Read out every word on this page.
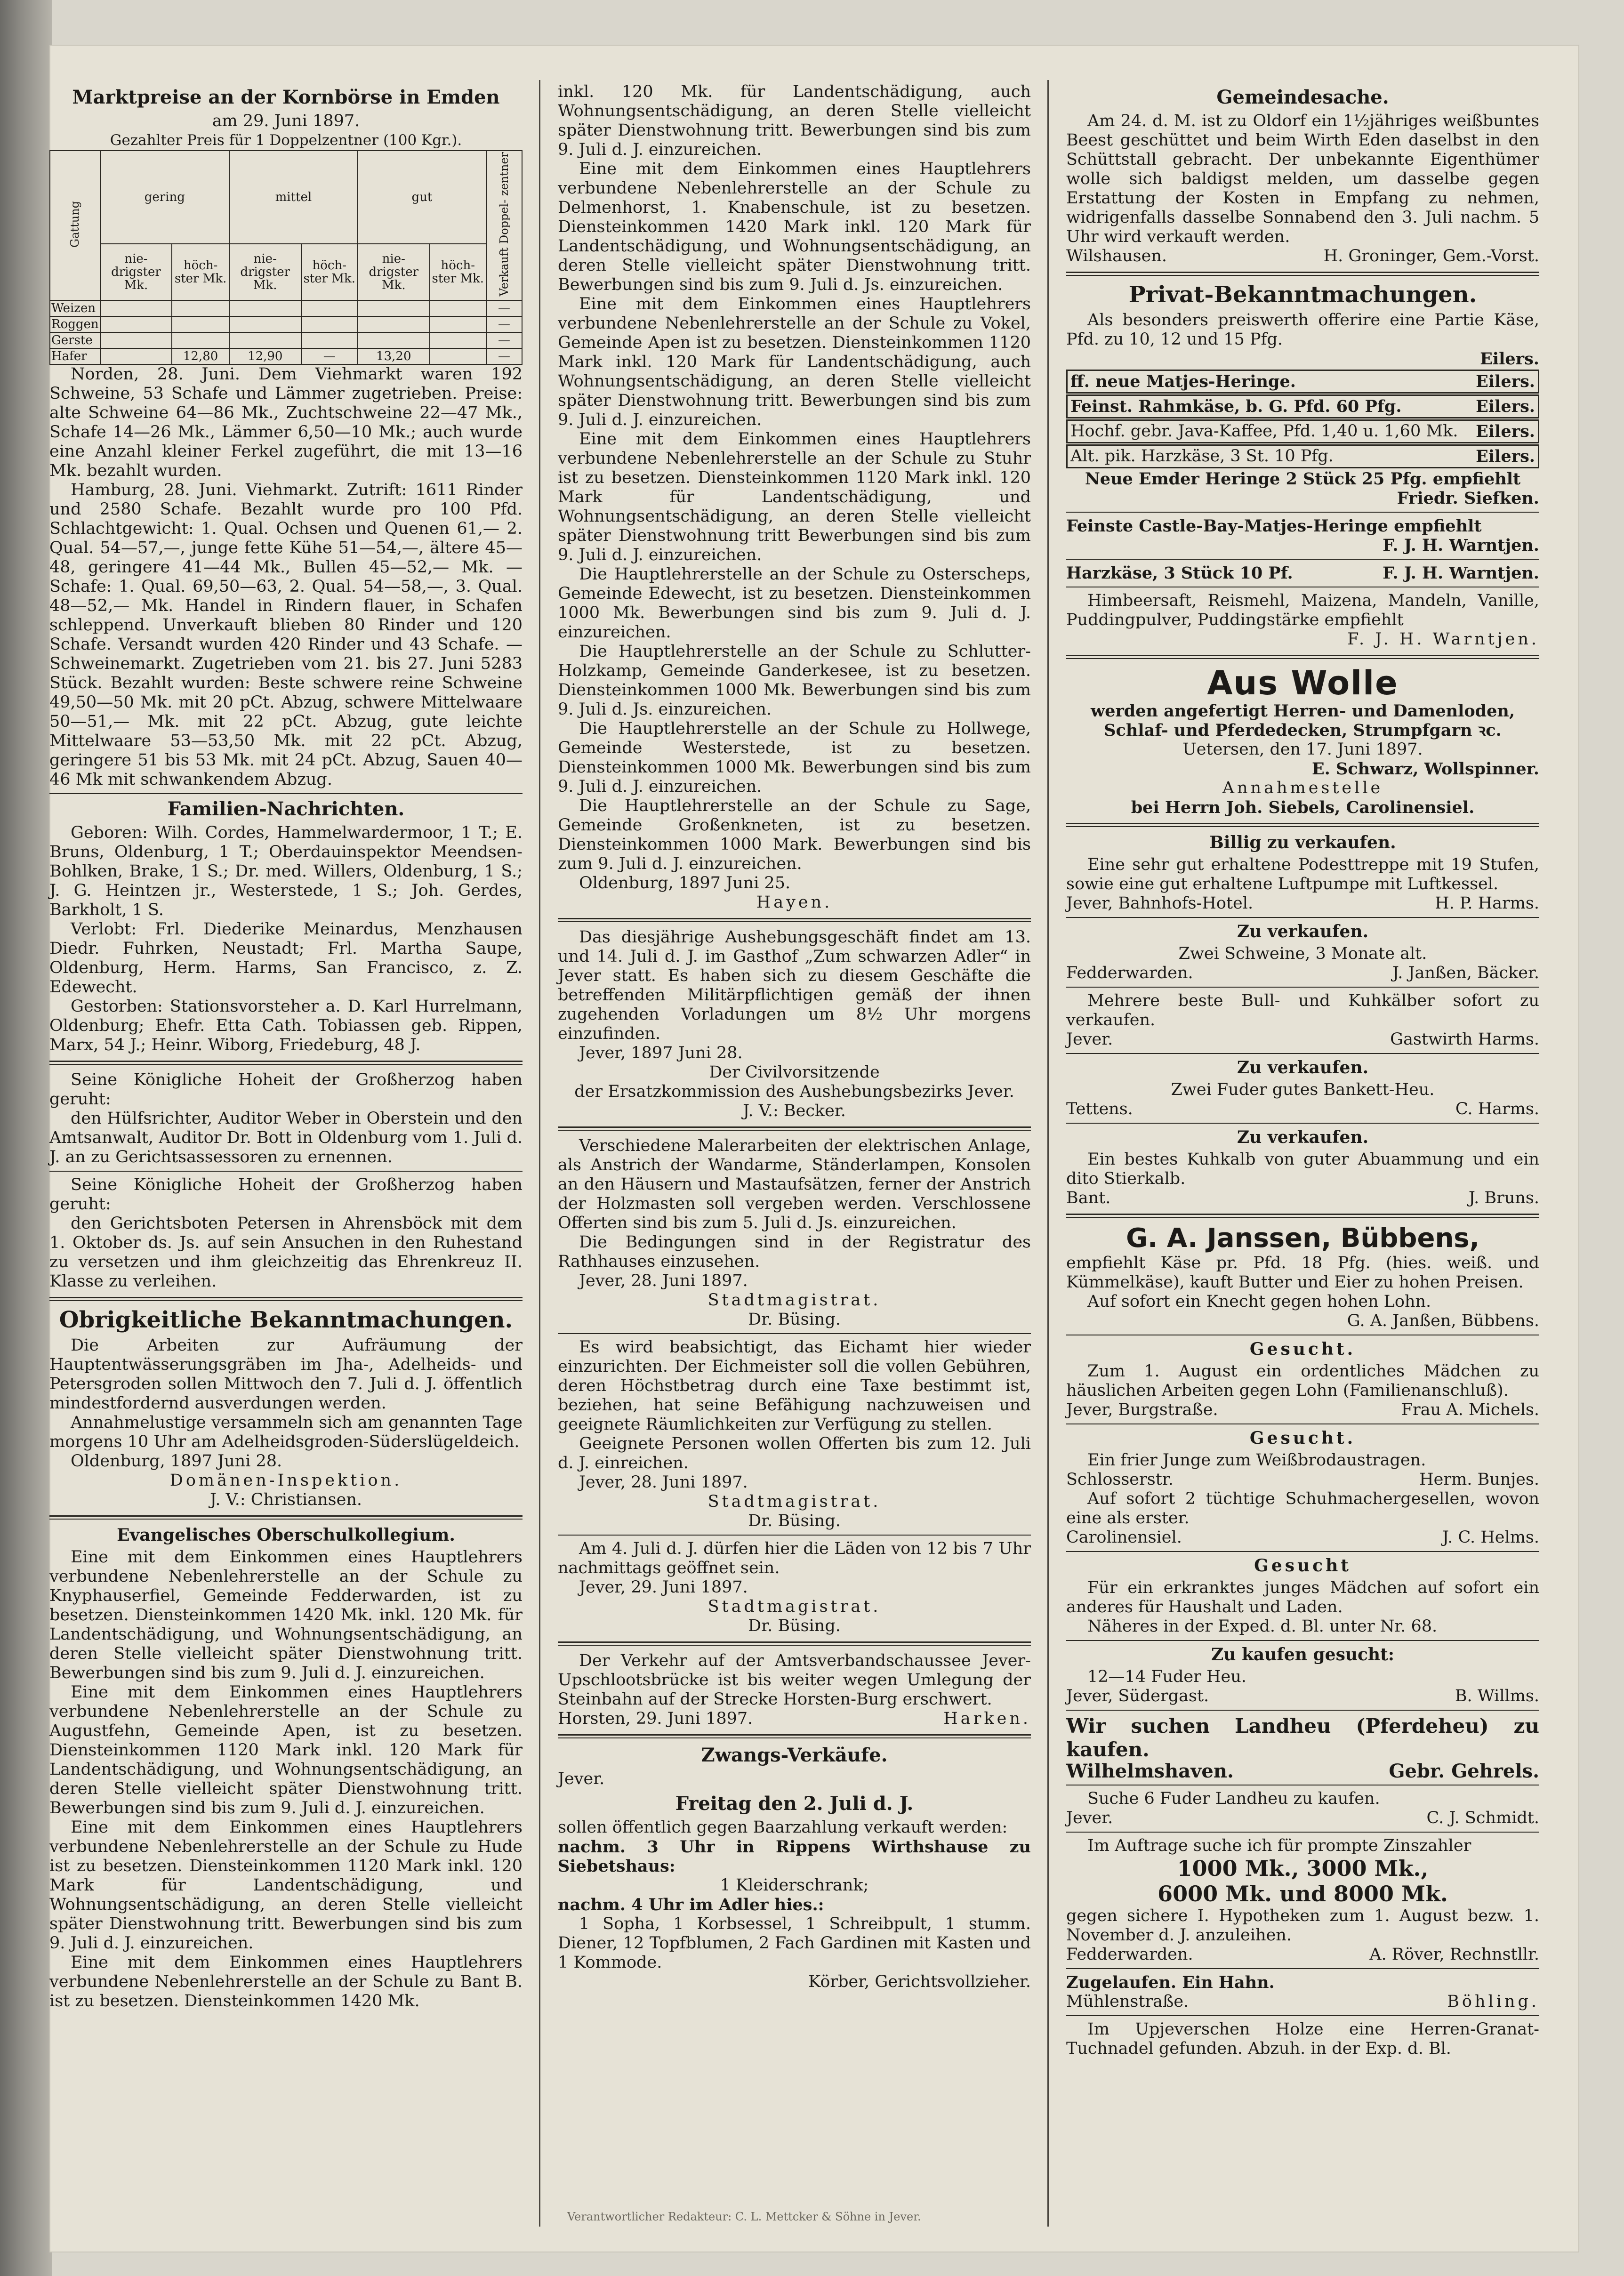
Marktpreise an der Kornbörse in Emden

am 29. Juni 1897.

Gezahlter Preis für 1 Doppelzentner (100 Kgr.).

Gattung	gering		mittel		gut		Verkauft Doppel- zentner
	nie- drigster Mk.	höch- ster Mk.	nie- drigster Mk.	höch- ster Mk.	nie- drigster Mk.	höch- ster Mk.	
Weizen							—
Roggen							—
Gerste							—
Hafer		12,80	12,90	—	13,20		—

Norden, 28. Juni. Dem Viehmarkt waren 192 Schweine, 53 Schafe und Lämmer zugetrieben. Preise: alte Schweine 64—86 Mk., Zuchtschweine 22—47 Mk., Schafe 14—26 Mk., Lämmer 6,50—10 Mk.; auch wurde eine Anzahl kleiner Ferkel zugeführt, die mit 13—16 Mk. bezahlt wurden.

Hamburg, 28. Juni. Viehmarkt. Zutrift: 1611 Rinder und 2580 Schafe. Bezahlt wurde pro 100 Pfd. Schlachtgewicht: 1. Qual. Ochsen und Quenen 61,— 2. Qual. 54—57,—, junge fette Kühe 51—54,—, ältere 45—48, geringere 41—44 Mk., Bullen 45—52,— Mk. — Schafe: 1. Qual. 69,50—63, 2. Qual. 54—58,—, 3. Qual. 48—52,— Mk. Handel in Rindern flauer, in Schafen schleppend. Unverkauft blieben 80 Rinder und 120 Schafe. Versandt wurden 420 Rinder und 43 Schafe. — Schweinemarkt. Zugetrieben vom 21. bis 27. Juni 5283 Stück. Bezahlt wurden: Beste schwere reine Schweine 49,50—50 Mk. mit 20 pCt. Abzug, schwere Mittelwaare 50—51,— Mk. mit 22 pCt. Abzug, gute leichte Mittelwaare 53—53,50 Mk. mit 22 pCt. Abzug, geringere 51 bis 53 Mk. mit 24 pCt. Abzug, Sauen 40—46 Mk mit schwankendem Abzug.

Familien-Nachrichten.

Geboren: Wilh. Cordes, Hammelwardermoor, 1 T.; E. Bruns, Oldenburg, 1 T.; Oberdauinspektor Meendsen-Bohlken, Brake, 1 S.; Dr. med. Willers, Oldenburg, 1 S.; J. G. Heintzen jr., Westerstede, 1 S.; Joh. Gerdes, Barkholt, 1 S.

Verlobt: Frl. Diederike Meinardus, Menzhausen Diedr. Fuhrken, Neustadt; Frl. Martha Saupe, Oldenburg, Herm. Harms, San Francisco, z. Z. Edewecht.

Gestorben: Stationsvorsteher a. D. Karl Hurrelmann, Oldenburg; Ehefr. Etta Cath. Tobiassen geb. Rippen, Marx, 54 J.; Heinr. Wiborg, Friedeburg, 48 J.

Seine Königliche Hoheit der Großherzog haben geruht:

den Hülfsrichter, Auditor Weber in Oberstein und den Amtsanwalt, Auditor Dr. Bott in Oldenburg vom 1. Juli d. J. an zu Gerichtsassessoren zu ernennen.

Seine Königliche Hoheit der Großherzog haben geruht:

den Gerichtsboten Petersen in Ahrensböck mit dem 1. Oktober ds. Js. auf sein Ansuchen in den Ruhestand zu versetzen und ihm gleichzeitig das Ehrenkreuz II. Klasse zu verleihen.

Obrigkeitliche Bekanntmachungen.

Die Arbeiten zur Aufräumung der Hauptentwässerungsgräben im Jha-, Adelheids- und Petersgroden sollen Mittwoch den 7. Juli d. J. öffentlich mindestfordernd ausverdungen werden.

Annahmelustige versammeln sich am genannten Tage morgens 10 Uhr am Adelheidsgroden-Süderslügeldeich.

Oldenburg, 1897 Juni 28.

Domänen-Inspektion.

J. V.: Christiansen.

Evangelisches Oberschulkollegium.

Eine mit dem Einkommen eines Hauptlehrers verbundene Nebenlehrerstelle an der Schule zu Knyphauserfiel, Gemeinde Fedderwarden, ist zu besetzen. Diensteinkommen 1420 Mk. inkl. 120 Mk. für Landentschädigung, und Wohnungsentschädigung, an deren Stelle vielleicht später Dienstwohnung tritt. Bewerbungen sind bis zum 9. Juli d. J. einzureichen.

Eine mit dem Einkommen eines Hauptlehrers verbundene Nebenlehrerstelle an der Schule zu Augustfehn, Gemeinde Apen, ist zu besetzen. Diensteinkommen 1120 Mark inkl. 120 Mark für Landentschädigung, und Wohnungsentschädigung, an deren Stelle vielleicht später Dienstwohnung tritt. Bewerbungen sind bis zum 9. Juli d. J. einzureichen.

Eine mit dem Einkommen eines Hauptlehrers verbundene Nebenlehrerstelle an der Schule zu Hude ist zu besetzen. Diensteinkommen 1120 Mark inkl. 120 Mark für Landentschädigung, und Wohnungsentschädigung, an deren Stelle vielleicht später Dienstwohnung tritt. Bewerbungen sind bis zum 9. Juli d. J. einzureichen.

Eine mit dem Einkommen eines Hauptlehrers verbundene Nebenlehrerstelle an der Schule zu Bant B. ist zu besetzen. Diensteinkommen 1420 Mk.

inkl. 120 Mk. für Landentschädigung, auch Wohnungsentschädigung, an deren Stelle vielleicht später Dienstwohnung tritt. Bewerbungen sind bis zum 9. Juli d. J. einzureichen.

Eine mit dem Einkommen eines Hauptlehrers verbundene Nebenlehrerstelle an der Schule zu Delmenhorst, 1. Knabenschule, ist zu besetzen. Diensteinkommen 1420 Mark inkl. 120 Mark für Landentschädigung, und Wohnungsentschädigung, an deren Stelle vielleicht später Dienstwohnung tritt. Bewerbungen sind bis zum 9. Juli d. Js. einzureichen.

Eine mit dem Einkommen eines Hauptlehrers verbundene Nebenlehrerstelle an der Schule zu Vokel, Gemeinde Apen ist zu besetzen. Diensteinkommen 1120 Mark inkl. 120 Mark für Landentschädigung, auch Wohnungsentschädigung, an deren Stelle vielleicht später Dienstwohnung tritt. Bewerbungen sind bis zum 9. Juli d. J. einzureichen.

Eine mit dem Einkommen eines Hauptlehrers verbundene Nebenlehrerstelle an der Schule zu Stuhr ist zu besetzen. Diensteinkommen 1120 Mark inkl. 120 Mark für Landentschädigung, und Wohnungsentschädigung, an deren Stelle vielleicht später Dienstwohnung tritt Bewerbungen sind bis zum 9. Juli d. J. einzureichen.

Die Hauptlehrerstelle an der Schule zu Osterscheps, Gemeinde Edewecht, ist zu besetzen. Diensteinkommen 1000 Mk. Bewerbungen sind bis zum 9. Juli d. J. einzureichen.

Die Hauptlehrerstelle an der Schule zu Schlutter-Holzkamp, Gemeinde Ganderkesee, ist zu besetzen. Diensteinkommen 1000 Mk. Bewerbungen sind bis zum 9. Juli d. Js. einzureichen.

Die Hauptlehrerstelle an der Schule zu Hollwege, Gemeinde Westerstede, ist zu besetzen. Diensteinkommen 1000 Mk. Bewerbungen sind bis zum 9. Juli d. J. einzureichen.

Die Hauptlehrerstelle an der Schule zu Sage, Gemeinde Großenkneten, ist zu besetzen. Diensteinkommen 1000 Mark. Bewerbungen sind bis zum 9. Juli d. J. einzureichen.

Oldenburg, 1897 Juni 25.

Hayen.

Das diesjährige Aushebungsgeschäft findet am 13. und 14. Juli d. J. im Gasthof „Zum schwarzen Adler“ in Jever statt. Es haben sich zu diesem Geschäfte die betreffenden Militärpflichtigen gemäß der ihnen zugehenden Vorladungen um 8½ Uhr morgens einzufinden.

Jever, 1897 Juni 28.

Der Civilvorsitzende

der Ersatzkommission des Aushebungsbezirks Jever.

J. V.: Becker.

Verschiedene Malerarbeiten der elektrischen Anlage, als Anstrich der Wandarme, Ständerlampen, Konsolen an den Häusern und Mastaufsätzen, ferner der Anstrich der Holzmasten soll vergeben werden. Verschlossene Offerten sind bis zum 5. Juli d. Js. einzureichen.

Die Bedingungen sind in der Registratur des Rathhauses einzusehen.

Jever, 28. Juni 1897.

Stadtmagistrat.

Dr. Büsing.

Es wird beabsichtigt, das Eichamt hier wieder einzurichten. Der Eichmeister soll die vollen Gebühren, deren Höchstbetrag durch eine Taxe bestimmt ist, beziehen, hat seine Befähigung nachzuweisen und geeignete Räumlichkeiten zur Verfügung zu stellen.

Geeignete Personen wollen Offerten bis zum 12. Juli d. J. einreichen.

Jever, 28. Juni 1897.

Stadtmagistrat.

Dr. Büsing.

Am 4. Juli d. J. dürfen hier die Läden von 12 bis 7 Uhr nachmittags geöffnet sein.

Jever, 29. Juni 1897.

Stadtmagistrat.

Dr. Büsing.

Der Verkehr auf der Amtsverbandschaussee Jever-Upschlootsbrücke ist bis weiter wegen Umlegung der Steinbahn auf der Strecke Horsten-Burg erschwert.

Horsten, 29. Juni 1897.	Harken.
Zwangs-Verkäufe.

Jever.

Freitag den 2. Juli d. J.

sollen öffentlich gegen Baarzahlung verkauft werden:

nachm. 3 Uhr in Rippens Wirthshause zu Siebetshaus:

1 Kleiderschrank;

nachm. 4 Uhr im Adler hies.:

1 Sopha, 1 Korbsessel, 1 Schreibpult, 1 stumm. Diener, 12 Topfblumen, 2 Fach Gardinen mit Kasten und 1 Kommode.

Körber, Gerichtsvollzieher.

Gemeindesache.

Am 24. d. M. ist zu Oldorf ein 1½jähriges weißbuntes Beest geschüttet und beim Wirth Eden daselbst in den Schüttstall gebracht. Der unbekannte Eigenthümer wolle sich baldigst melden, um dasselbe gegen Erstattung der Kosten in Empfang zu nehmen, widrigenfalls dasselbe Sonnabend den 3. Juli nachm. 5 Uhr wird verkauft werden.

Wilshausen.	H. Groninger, Gem.-Vorst.
Privat-Bekanntmachungen.

Als besonders preiswerth offerire eine Partie Käse, Pfd. zu 10, 12 und 15 Pfg.

Eilers.
ff. neue Matjes-Heringe.	Eilers.
Feinst. Rahmkäse, b. G. Pfd. 60 Pfg.	Eilers.
Hochf. gebr. Java-Kaffee, Pfd. 1,40 u. 1,60 Mk. Eilers.
Alt. pik. Harzkäse, 3 St. 10 Pfg.	Eilers.

Neue Emder Heringe 2 Stück 25 Pfg. empfiehlt

Friedr. Siefken.

Feinste Castle-Bay-Matjes-Heringe empfiehlt

F. J. H. Warntjen.

Harzkäse, 3 Stück 10 Pf.	F. J. H. Warntjen.

Himbeersaft, Reismehl, Maizena, Mandeln, Vanille, Puddingpulver, Puddingstärke empfiehlt

F. J. H. Warntjen.

Aus Wolle

werden angefertigt Herren- und Damenloden, Schlaf- und Pferdedecken, Strumpfgarn ꝛc.

Uetersen, den 17. Juni 1897.

E. Schwarz, Wollspinner.

Annahmestelle

bei Herrn Joh. Siebels, Carolinensiel.

Billig zu verkaufen.

Eine sehr gut erhaltene Podesttreppe mit 19 Stufen, sowie eine gut erhaltene Luftpumpe mit Luftkessel.

Jever, Bahnhofs-Hotel.	H. P. Harms.
Zu verkaufen.

Zwei Schweine, 3 Monate alt.

Fedderwarden.	J. Janßen, Bäcker.

Mehrere beste Bull- und Kuhkälber sofort zu verkaufen.

Jever.	Gastwirth Harms.
Zu verkaufen.

Zwei Fuder gutes Bankett-Heu.

Tettens.	C. Harms.
Zu verkaufen.

Ein bestes Kuhkalb von guter Abuammung und ein dito Stierkalb.

Bant.	J. Bruns.
G. A. Janssen, Bübbens,

empfiehlt Käse pr. Pfd. 18 Pfg. (hies. weiß. und Kümmelkäse), kauft Butter und Eier zu hohen Preisen.

Auf sofort ein Knecht gegen hohen Lohn.

G. A. Janßen, Bübbens.

Gesucht.

Zum 1. August ein ordentliches Mädchen zu häuslichen Arbeiten gegen Lohn (Familienanschluß).

Jever, Burgstraße.	Frau A. Michels.
Gesucht.

Ein frier Junge zum Weißbrodaustragen.

Schlosserstr.	Herm. Bunjes.

Auf sofort 2 tüchtige Schuhmachergesellen, wovon eine als erster.

Carolinensiel.	J. C. Helms.
Gesucht

Für ein erkranktes junges Mädchen auf sofort ein anderes für Haushalt und Laden.

Näheres in der Exped. d. Bl. unter Nr. 68.

Zu kaufen gesucht:

12—14 Fuder Heu.

Jever, Südergast.	B. Willms.

Wir suchen Landheu (Pferdeheu) zu kaufen.

Wilhelmshaven.	Gebr. Gehrels.

Suche 6 Fuder Landheu zu kaufen.

Jever.	C. J. Schmidt.

Im Auftrage suche ich für prompte Zinszahler

1000 Mk., 3000 Mk.,
6000 Mk. und 8000 Mk.

gegen sichere I. Hypotheken zum 1. August bezw. 1. November d. J. anzuleihen.

Fedderwarden.	A. Röver, Rechnstllr.

Zugelaufen. Ein Hahn.

Mühlenstraße.	Böhling.

Im Upjeverschen Holze eine Herren-Granat-Tuchnadel gefunden. Abzuh. in der Exp. d. Bl.

Verantwortlicher Redakteur: C. L. Mettcker & Söhne in Jever.
